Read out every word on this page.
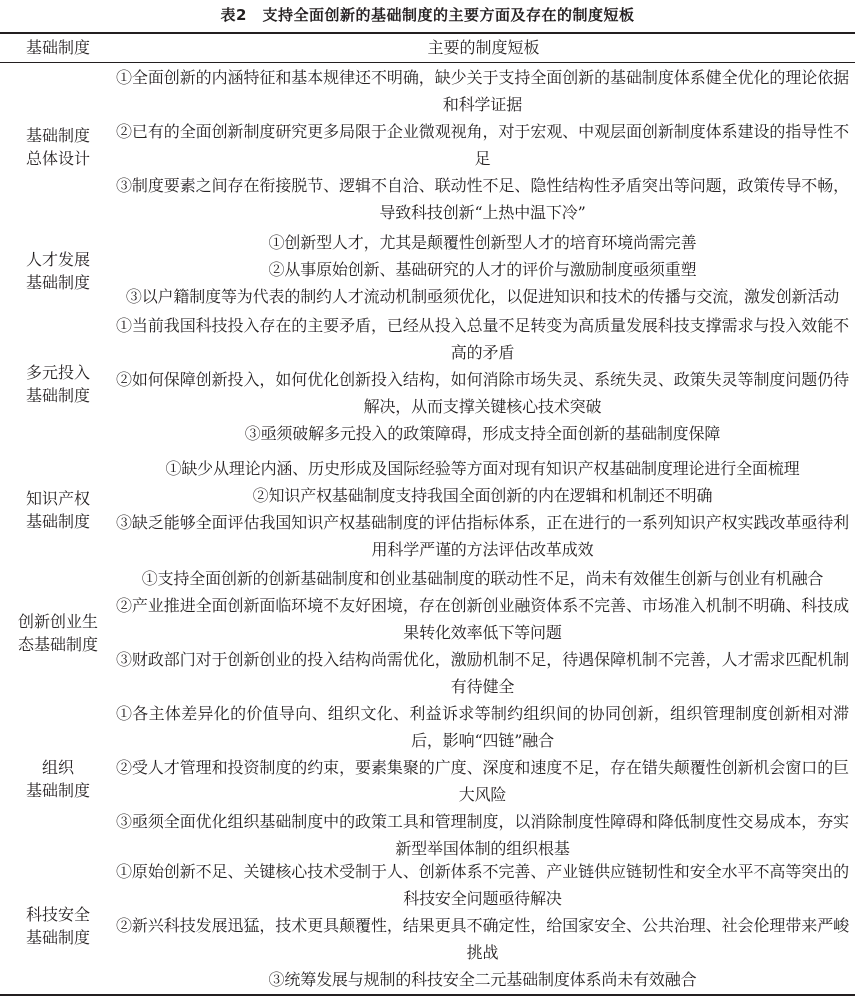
表2　支持全面创新的基础制度的主要方面及存在的制度短板
基础制度	主要的制度短板
基础制度
总体设计
①全面创新的内涵特征和基本规律还不明确，缺少关于支持全面创新的基础制度体系健全优化的理论依据和科学证据
②已有的全面创新制度研究更多局限于企业微观视角，对于宏观、中观层面创新制度体系建设的指导性不足
③制度要素之间存在衔接脱节、逻辑不自洽、联动性不足、隐性结构性矛盾突出等问题，政策传导不畅，导致科技创新“上热中温下冷”
人才发展
基础制度
①创新型人才，尤其是颠覆性创新型人才的培育环境尚需完善
②从事原始创新、基础研究的人才的评价与激励制度亟须重塑
③以户籍制度等为代表的制约人才流动机制亟须优化，以促进知识和技术的传播与交流，激发创新活动
多元投入
基础制度
①当前我国科技投入存在的主要矛盾，已经从投入总量不足转变为高质量发展科技支撑需求与投入效能不高的矛盾
②如何保障创新投入，如何优化创新投入结构，如何消除市场失灵、系统失灵、政策失灵等制度问题仍待解决，从而支撑关键核心技术突破
③亟须破解多元投入的政策障碍，形成支持全面创新的基础制度保障
知识产权
基础制度
①缺少从理论内涵、历史形成及国际经验等方面对现有知识产权基础制度理论进行全面梳理
②知识产权基础制度支持我国全面创新的内在逻辑和机制还不明确
③缺乏能够全面评估我国知识产权基础制度的评估指标体系，正在进行的一系列知识产权实践改革亟待利用科学严谨的方法评估改革成效
创新创业生
态基础制度
①支持全面创新的创新基础制度和创业基础制度的联动性不足，尚未有效催生创新与创业有机融合
②产业推进全面创新面临环境不友好困境，存在创新创业融资体系不完善、市场准入机制不明确、科技成果转化效率低下等问题
③财政部门对于创新创业的投入结构尚需优化，激励机制不足，待遇保障机制不完善，人才需求匹配机制有待健全
组织
基础制度
①各主体差异化的价值导向、组织文化、利益诉求等制约组织间的协同创新，组织管理制度创新相对滞后，影响“四链”融合
②受人才管理和投资制度的约束，要素集聚的广度、深度和速度不足，存在错失颠覆性创新机会窗口的巨大风险
③亟须全面优化组织基础制度中的政策工具和管理制度，以消除制度性障碍和降低制度性交易成本，夯实新型举国体制的组织根基
科技安全
基础制度
①原始创新不足、关键核心技术受制于人、创新体系不完善、产业链供应链韧性和安全水平不高等突出的科技安全问题亟待解决
②新兴科技发展迅猛，技术更具颠覆性，结果更具不确定性，给国家安全、公共治理、社会伦理带来严峻挑战
③统筹发展与规制的科技安全二元基础制度体系尚未有效融合
